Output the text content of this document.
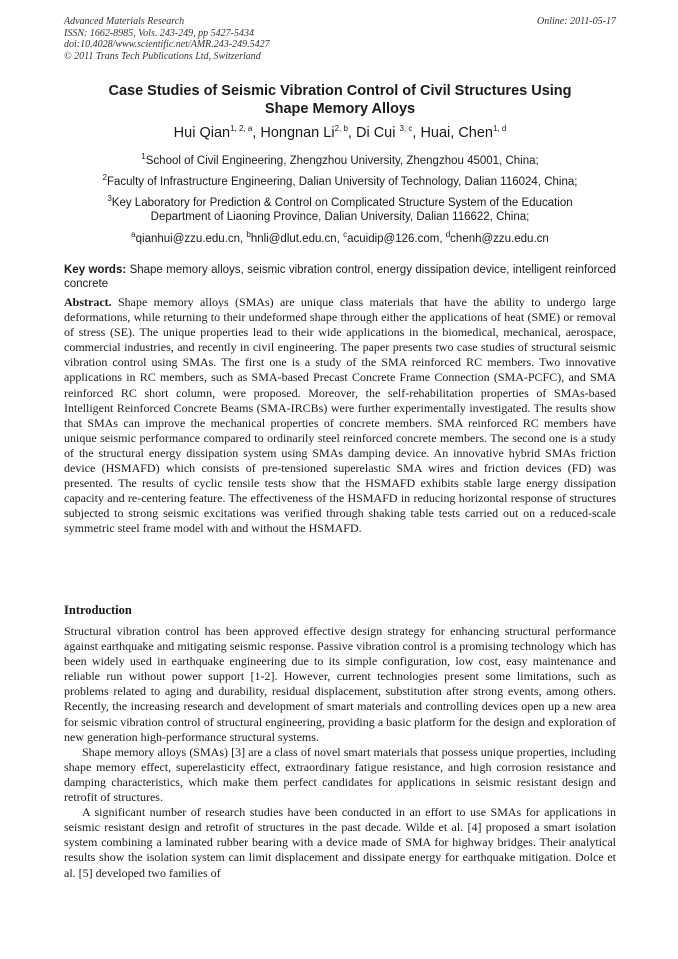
Advanced Materials Research
ISSN: 1662-8985, Vols. 243-249, pp 5427-5434
doi:10.4028/www.scientific.net/AMR.243-249.5427
© 2011 Trans Tech Publications Ltd, Switzerland
Online: 2011-05-17
Case Studies of Seismic Vibration Control of Civil Structures Using
Shape Memory Alloys
Hui Qian$^{1, 2, a}$, Hongnan Li$^{2, b}$, Di Cui $^{3, c}$, Huai, Chen$^{1, d}$
$^1$School of Civil Engineering, Zhengzhou University, Zhengzhou 45001, China;
$^2$Faculty of Infrastructure Engineering, Dalian University of Technology, Dalian 116024, China;
$^3$Key Laboratory for Prediction & Control on Complicated Structure System of the Education
Department of Liaoning Province, Dalian University, Dalian 116622, China;
$^a$qianhui@zzu.edu.cn, $^b$hnli@dlut.edu.cn, $^c$acuidip@126.com, $^d$chenh@zzu.edu.cn
Key words: Shape memory alloys, seismic vibration control, energy dissipation device, intelligent reinforced concrete

Abstract. Shape memory alloys (SMAs) are unique class materials that have the ability to undergo large deformations, while returning to their undeformed shape through either the applications of heat (SME) or removal of stress (SE). The unique properties lead to their wide applications in the biomedical, mechanical, aerospace, commercial industries, and recently in civil engineering. The paper presents two case studies of structural seismic vibration control using SMAs. The first one is a study of the SMA reinforced RC members. Two innovative applications in RC members, such as SMA-based Precast Concrete Frame Connection (SMA-PCFC), and SMA reinforced RC short column, were proposed. Moreover, the self-rehabilitation properties of SMAs-based Intelligent Reinforced Concrete Beams (SMA-IRCBs) were further experimentally investigated. The results show that SMAs can improve the mechanical properties of concrete members. SMA reinforced RC members have unique seismic performance compared to ordinarily steel reinforced concrete members. The second one is a study of the structural energy dissipation system using SMAs damping device. An innovative hybrid SMAs friction device (HSMAFD) which consists of pre-tensioned superelastic SMA wires and friction devices (FD) was presented. The results of cyclic tensile tests show that the HSMAFD exhibits stable large energy dissipation capacity and re-centering feature. The effectiveness of the HSMAFD in reducing horizontal response of structures subjected to strong seismic excitations was verified through shaking table tests carried out on a reduced-scale symmetric steel frame model with and without the HSMAFD.

Introduction

Structural vibration control has been approved effective design strategy for enhancing structural performance against earthquake and mitigating seismic response. Passive vibration control is a promising technology which has been widely used in earthquake engineering due to its simple configuration, low cost, easy maintenance and reliable run without power support [1-2]. However, current technologies present some limitations, such as problems related to aging and durability, residual displacement, substitution after strong events, among others. Recently, the increasing research and development of smart materials and controlling devices open up a new area for seismic vibration control of structural engineering, providing a basic platform for the design and exploration of new generation high-performance structural systems.

Shape memory alloys (SMAs) [3] are a class of novel smart materials that possess unique properties, including shape memory effect, superelasticity effect, extraordinary fatigue resistance, and high corrosion resistance and damping characteristics, which make them perfect candidates for applications in seismic resistant design and retrofit of structures.

A significant number of research studies have been conducted in an effort to use SMAs for applications in seismic resistant design and retrofit of structures in the past decade. Wilde et al. [4] proposed a smart isolation system combining a laminated rubber bearing with a device made of SMA for highway bridges. Their analytical results show the isolation system can limit displacement and dissipate energy for earthquake mitigation. Dolce et al. [5] developed two families of
